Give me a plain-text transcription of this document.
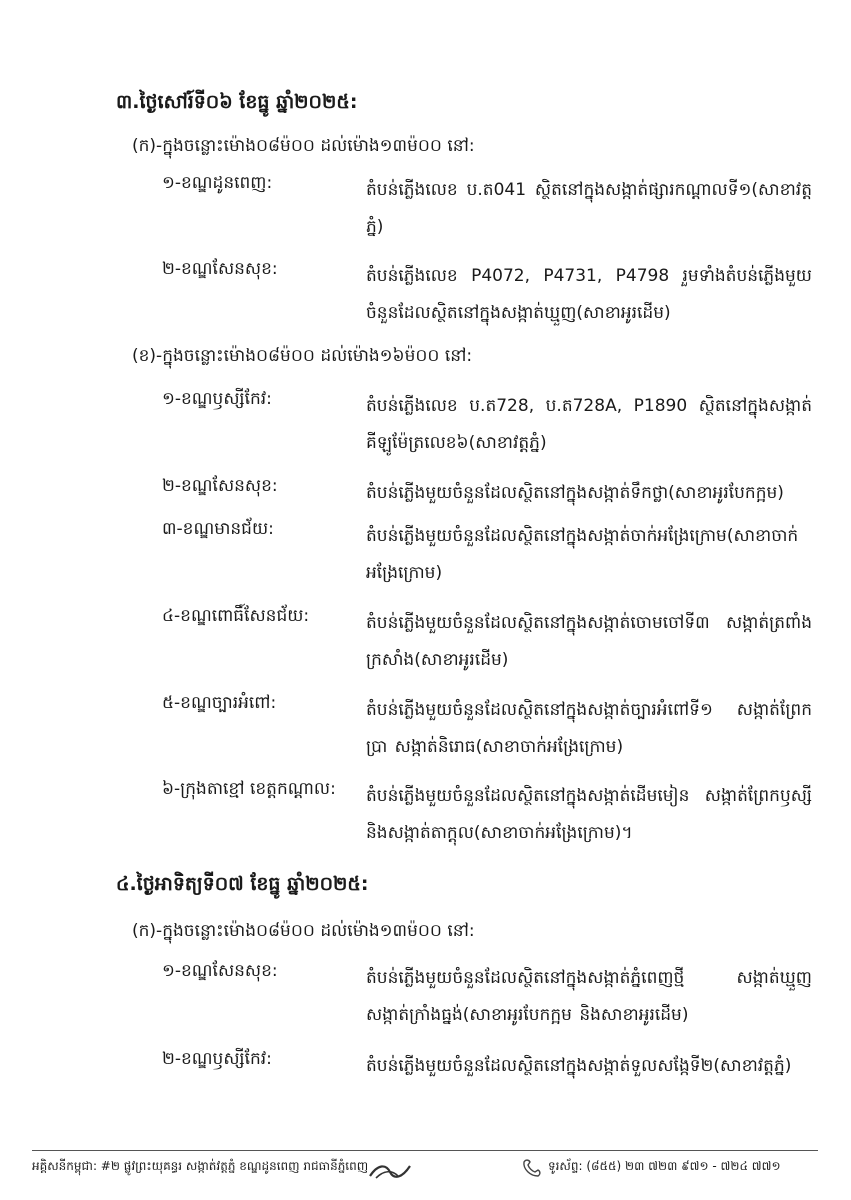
៣.ថ្ងៃសៅរ៍ទី០៦ ខែធ្នូ ឆ្នាំ២០២៥:
(ក)-ក្នុងចន្លោះម៉ោង០៨ម៉០០ ដល់ម៉ោង១៣ម៉០០ នៅ:
១-ខណ្ឌដូនពេញ:	តំបន់ភ្លើងលេខ ប.ត041 ស្ថិតនៅក្នុងសង្កាត់ផ្សារកណ្តាលទី១(សាខាវត្តភ្នំ)
២-ខណ្ឌសែនសុខ:	តំបន់ភ្លើងលេខ P4072, P4731, P4798 រួមទាំងតំបន់ភ្លើងមួយចំនួនដែលស្ថិតនៅក្នុងសង្កាត់ឃ្មួញ(សាខាអូរដើម)
(ខ)-ក្នុងចន្លោះម៉ោង០៨ម៉០០ ដល់ម៉ោង១៦ម៉០០ នៅ:
១-ខណ្ឌឫស្សីកែវ:	តំបន់ភ្លើងលេខ ប.ត728, ប.ត728A, P1890 ស្ថិតនៅក្នុងសង្កាត់គីឡូម៉ែត្រលេខ៦(សាខាវត្តភ្នំ)
២-ខណ្ឌសែនសុខ:	តំបន់ភ្លើងមួយចំនួនដែលស្ថិតនៅក្នុងសង្កាត់ទឹកថ្លា(សាខាអូរបែកក្អម)
៣-ខណ្ឌមានជ័យ:	តំបន់ភ្លើងមួយចំនួនដែលស្ថិតនៅក្នុងសង្កាត់ចាក់អង្រែក្រោម(សាខាចាក់អង្រែក្រោម)
៤-ខណ្ឌពោធិ៍សែនជ័យ:	តំបន់ភ្លើងមួយចំនួនដែលស្ថិតនៅក្នុងសង្កាត់ចោមចៅទី៣ សង្កាត់ត្រពាំងក្រសាំង(សាខាអូរដើម)
៥-ខណ្ឌច្បារអំពៅ:	តំបន់ភ្លើងមួយចំនួនដែលស្ថិតនៅក្នុងសង្កាត់ច្បារអំពៅទី១ សង្កាត់ព្រែកប្រា សង្កាត់និរោធ(សាខាចាក់អង្រែក្រោម)
៦-ក្រុងតាខ្មៅ ខេត្តកណ្តាល: តំបន់ភ្លើងមួយចំនួនដែលស្ថិតនៅក្នុងសង្កាត់ដើមមៀន សង្កាត់ព្រែកឫស្សី និងសង្កាត់តាក្តុល(សាខាចាក់អង្រែក្រោម)។
៤.ថ្ងៃអាទិត្យទី០៧ ខែធ្នូ ឆ្នាំ២០២៥:
(ក)-ក្នុងចន្លោះម៉ោង០៨ម៉០០ ដល់ម៉ោង១៣ម៉០០ នៅ:
១-ខណ្ឌសែនសុខ:	តំបន់ភ្លើងមួយចំនួនដែលស្ថិតនៅក្នុងសង្កាត់ភ្នំពេញថ្មី សង្កាត់ឃ្មួញ សង្កាត់ក្រាំងធ្នង់(សាខាអូរបែកក្អម និងសាខាអូរដើម)
២-ខណ្ឌឫស្សីកែវ:	តំបន់ភ្លើងមួយចំនួនដែលស្ថិតនៅក្នុងសង្កាត់ទួលសង្កែទី២(សាខាវត្តភ្នំ)
អគ្គិសនីកម្ពុជា: #២ ផ្លូវព្រះយុគន្ធរ សង្កាត់វត្តភ្នំ ខណ្ឌដូនពេញ រាជធានីភ្នំពេញ	ទូរស័ព្ទ: (៨៥៥) ២៣ ៧២៣ ៩៧១ - ៧២៤ ៧៧១
